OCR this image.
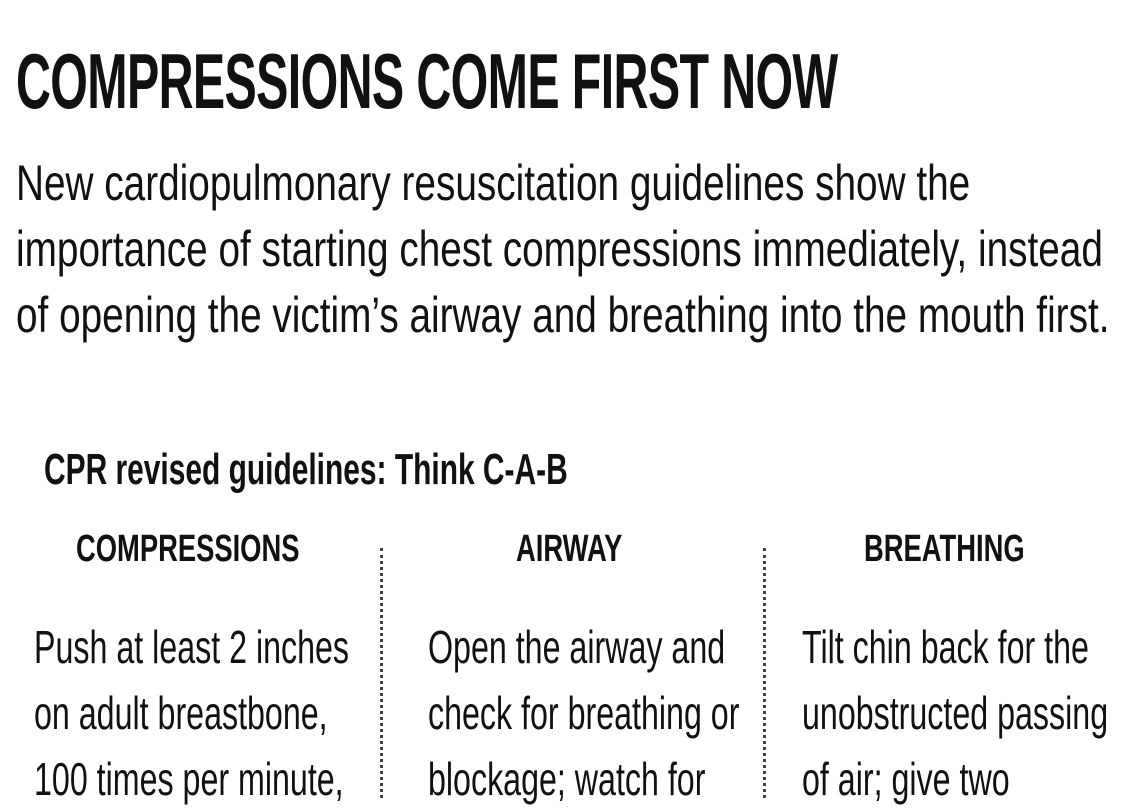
COMPRESSIONS COME FIRST NOW

New cardiopulmonary resuscitation guidelines show the
importance of starting chest compressions immediately, instead
of opening the victim’s airway and breathing into the mouth first.

CPR revised guidelines: Think C-A-B
COMPRESSIONS
Push at least 2 inches
on adult breastbone,
100 times per minute,
AIRWAY
Open the airway and
check for breathing or
blockage; watch for
BREATHING
Tilt chin back for the
unobstructed passing
of air; give two
